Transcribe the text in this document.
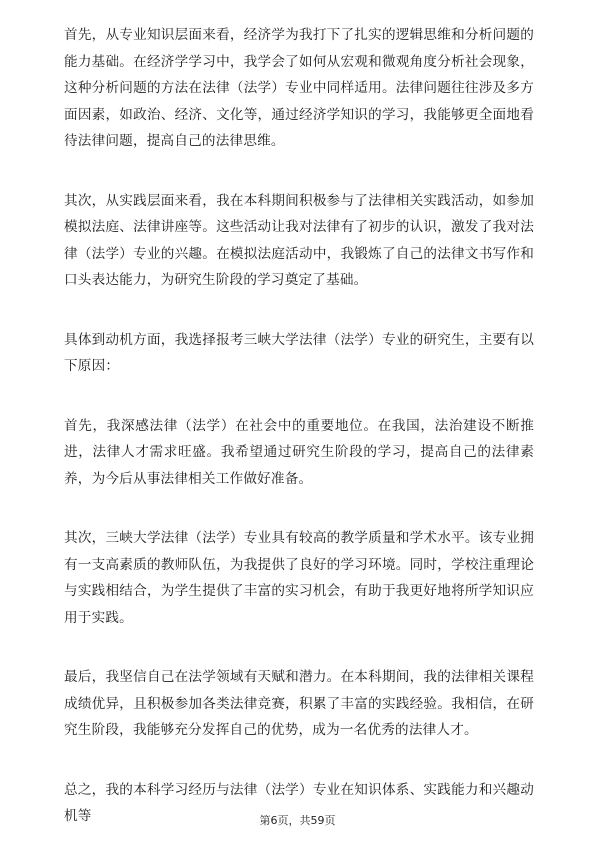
首先，从专业知识层面来看，经济学为我打下了扎实的逻辑思维和分析问题的能力基础。在经济学学习中，我学会了如何从宏观和微观角度分析社会现象，这种分析问题的方法在法律（法学）专业中同样适用。法律问题往往涉及多方面因素，如政治、经济、文化等，通过经济学知识的学习，我能够更全面地看待法律问题，提高自己的法律思维。

其次，从实践层面来看，我在本科期间积极参与了法律相关实践活动，如参加模拟法庭、法律讲座等。这些活动让我对法律有了初步的认识，激发了我对法律（法学）专业的兴趣。在模拟法庭活动中，我锻炼了自己的法律文书写作和口头表达能力，为研究生阶段的学习奠定了基础。

具体到动机方面，我选择报考三峡大学法律（法学）专业的研究生，主要有以下原因：

首先，我深感法律（法学）在社会中的重要地位。在我国，法治建设不断推进，法律人才需求旺盛。我希望通过研究生阶段的学习，提高自己的法律素养，为今后从事法律相关工作做好准备。

其次，三峡大学法律（法学）专业具有较高的教学质量和学术水平。该专业拥有一支高素质的教师队伍，为我提供了良好的学习环境。同时，学校注重理论与实践相结合，为学生提供了丰富的实习机会，有助于我更好地将所学知识应用于实践。

最后，我坚信自己在法学领域有天赋和潜力。在本科期间，我的法律相关课程成绩优异，且积极参加各类法律竞赛，积累了丰富的实践经验。我相信，在研究生阶段，我能够充分发挥自己的优势，成为一名优秀的法律人才。

总之，我的本科学习经历与法律（法学）专业在知识体系、实践能力和兴趣动机等	第6页，共59页
